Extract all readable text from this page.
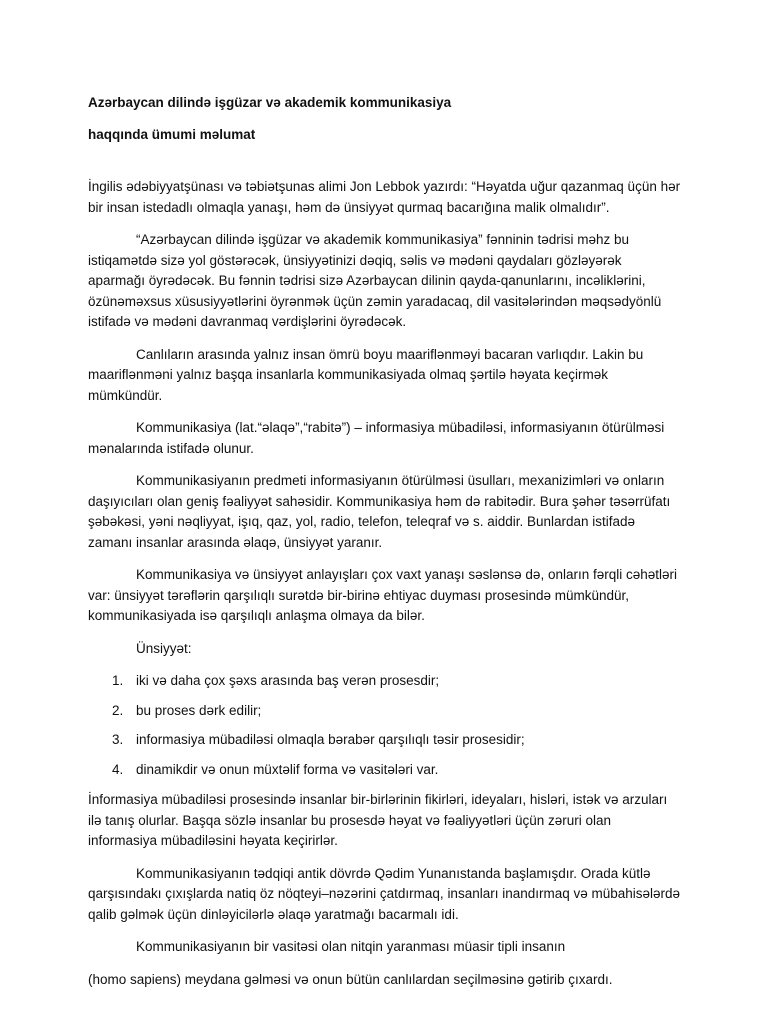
Azərbaycan dilində işgüzar və akademik kommunikasiya
haqqında ümumi məlumat

İngilis ədəbiyyatşünası və təbiətşunas alimi Jon Lebbok yazırdı: “Həyatda uğur qazanmaq üçün hər bir insan istedadlı olmaqla yanaşı, həm də ünsiyyət qurmaq bacarığına malik olmalıdır”.

“Azərbaycan dilində işgüzar və akademik kommunikasiya” fənninin tədrisi məhz bu istiqamətdə sizə yol göstərəcək, ünsiyyətinizi dəqiq, səlis və mədəni qaydaları gözləyərək aparmağı öyrədəcək. Bu fənnin tədrisi sizə Azərbaycan dilinin qayda-qanunlarını, incəliklərini, özünəməxsus xüsusiyyətlərini öyrənmək üçün zəmin yaradacaq, dil vasitələrindən məqsədyönlü istifadə və mədəni davranmaq vərdişlərini öyrədəcək.

Canlıların arasında yalnız insan ömrü boyu maariflənməyi bacaran varlıqdır. Lakin bu maariflənməni yalnız başqa insanlarla kommunikasiyada olmaq şərtilə həyata keçirmək mümkündür.

Kommunikasiya (lat.“əlaqə”,“rabitə”) – informasiya mübadiləsi, informasiyanın ötürülməsi mənalarında istifadə olunur.

Kommunikasiyanın predmeti informasiyanın ötürülməsi üsulları, mexanizimləri və onların daşıyıcıları olan geniş fəaliyyət sahəsidir. Kommunikasiya həm də rabitədir. Bura şəhər təsərrüfatı şəbəkəsi, yəni nəqliyyat, işıq, qaz, yol, radio, telefon, teleqraf və s. aiddir. Bunlardan istifadə zamanı insanlar arasında əlaqə, ünsiyyət yaranır.

Kommunikasiya və ünsiyyət anlayışları çox vaxt yanaşı səslənsə də, onların fərqli cəhətləri var: ünsiyyət tərəflərin qarşılıqlı surətdə bir-birinə ehtiyac duyması prosesində mümkündür, kommunikasiyada isə qarşılıqlı anlaşma olmaya da bilər.

Ünsiyyət:

1. iki və daha çox şəxs arasında baş verən prosesdir;
2. bu proses dərk edilir;
3. informasiya mübadiləsi olmaqla bərabər qarşılıqlı təsir prosesidir;
4. dinamikdir və onun müxtəlif forma və vasitələri var.

İnformasiya mübadiləsi prosesində insanlar bir-birlərinin fikirləri, ideyaları, hisləri, istək və arzuları ilə tanış olurlar. Başqa sözlə insanlar bu prosesdə həyat və fəaliyyətləri üçün zəruri olan informasiya mübadiləsini həyata keçirirlər.

Kommunikasiyanın tədqiqi antik dövrdə Qədim Yunanıstanda başlamışdır. Orada kütlə qarşısındakı çıxışlarda natiq öz nöqteyi–nəzərini çatdırmaq, insanları inandırmaq və mübahisələrdə qalib gəlmək üçün dinləyicilərlə əlaqə yaratmağı bacarmalı idi.

Kommunikasiyanın bir vasitəsi olan nitqin yaranması müasir tipli insanın

(homo sapiens) meydana gəlməsi və onun bütün canlılardan seçilməsinə gətirib çıxardı.
